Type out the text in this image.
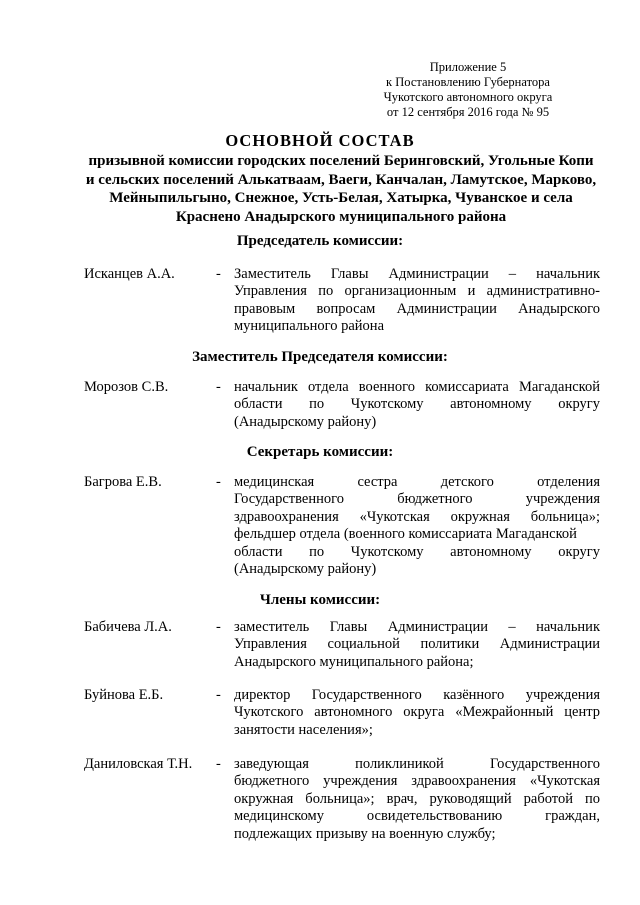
Приложение 5
к Постановлению Губернатора
Чукотского автономного округа
от 12 сентября 2016 года № 95
ОСНОВНОЙ СОСТАВ
призывной комиссии городских поселений Беринговский, Угольные Копи
и сельских поселений Алькатваам, Ваеги, Канчалан, Ламутское, Марково,
Мейныпильгыно, Снежное, Усть-Белая, Хатырка, Чуванское и села
Краснено Анадырского муниципального района
Председатель комиссии:
Исканцев А.А.	- Заместитель Главы Администрации – начальник
Управления по организационным и административно-
правовым вопросам Администрации Анадырского
муниципального района
Заместитель Председателя комиссии:
Морозов С.В.	- начальник отдела военного комиссариата Магаданской
области по Чукотскому автономному округу
(Анадырскому району)
Секретарь комиссии:
Багрова Е.В.	- медицинская сестра детского отделения
Государственного бюджетного учреждения
здравоохранения «Чукотская окружная больница»;
фельдшер отдела (военного комиссариата Магаданской
области по Чукотскому автономному округу
(Анадырскому району)
Члены комиссии:
Бабичева Л.А.	- заместитель Главы Администрации – начальник
Управления социальной политики Администрации
Анадырского муниципального района;
Буйнова Е.Б.	- директор Государственного казённого учреждения
Чукотского автономного округа «Межрайонный центр
занятости населения»;
Даниловская Т.Н. - заведующая поликлиникой Государственного
бюджетного учреждения здравоохранения «Чукотская
окружная больница»; врач, руководящий работой по
медицинскому освидетельствованию граждан,
подлежащих призыву на военную службу;
